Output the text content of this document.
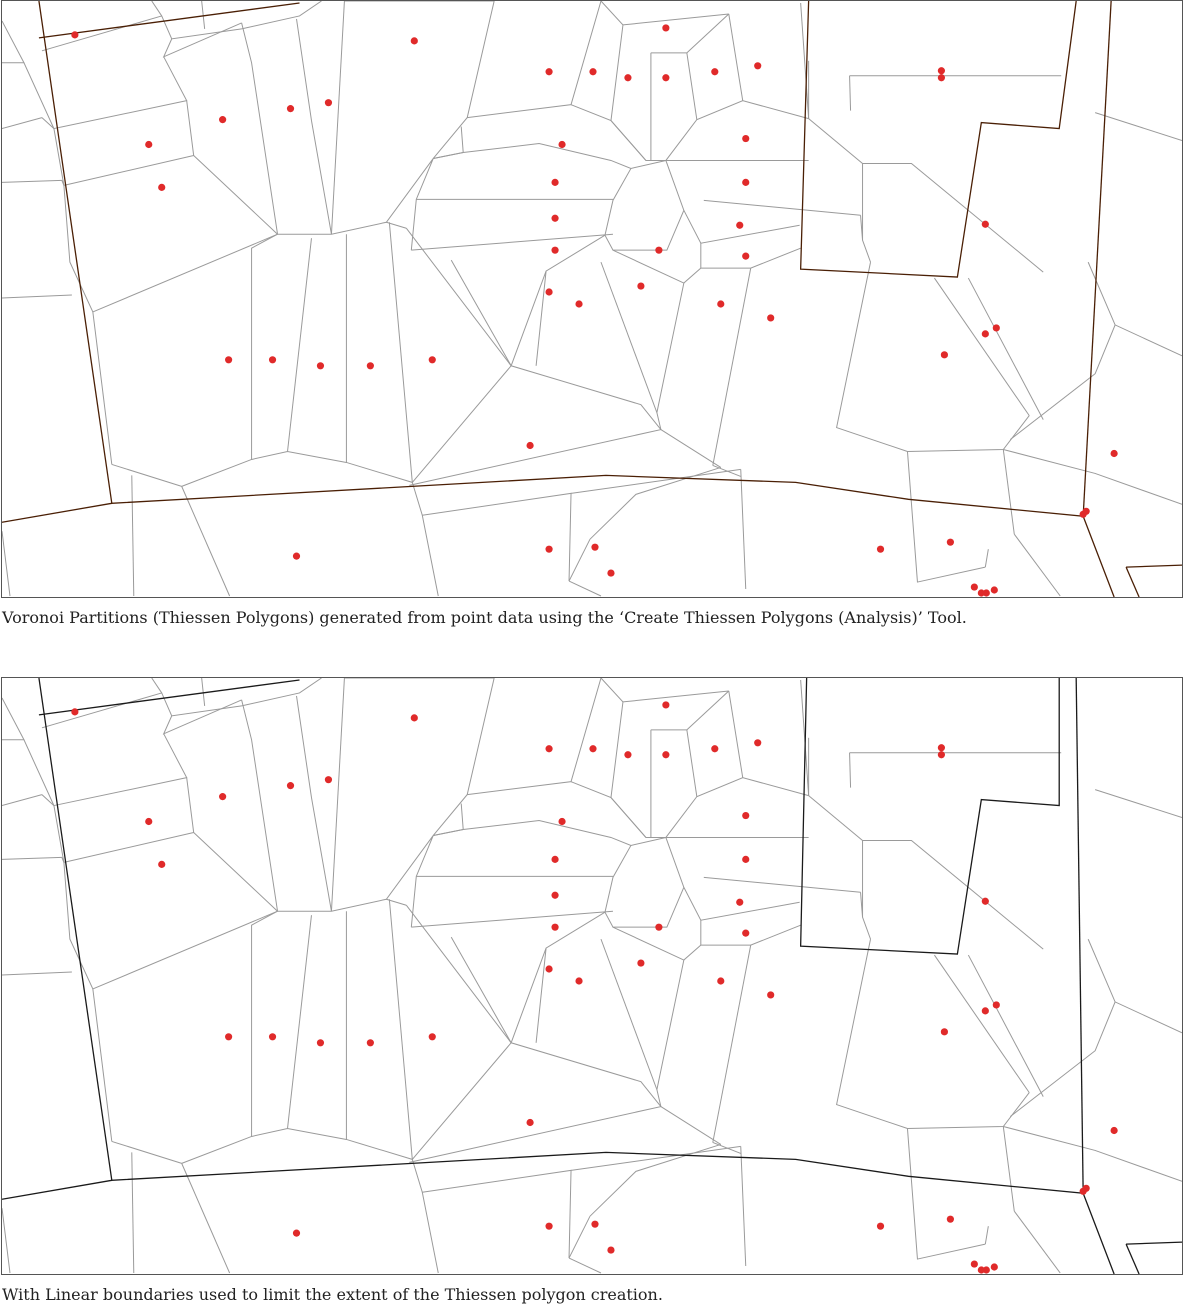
Voronoi Partitions (Thiessen Polygons) generated from point data using the ‘Create Thiessen Polygons (Analysis)’ Tool.
With Linear boundaries used to limit the extent of the Thiessen polygon creation.
